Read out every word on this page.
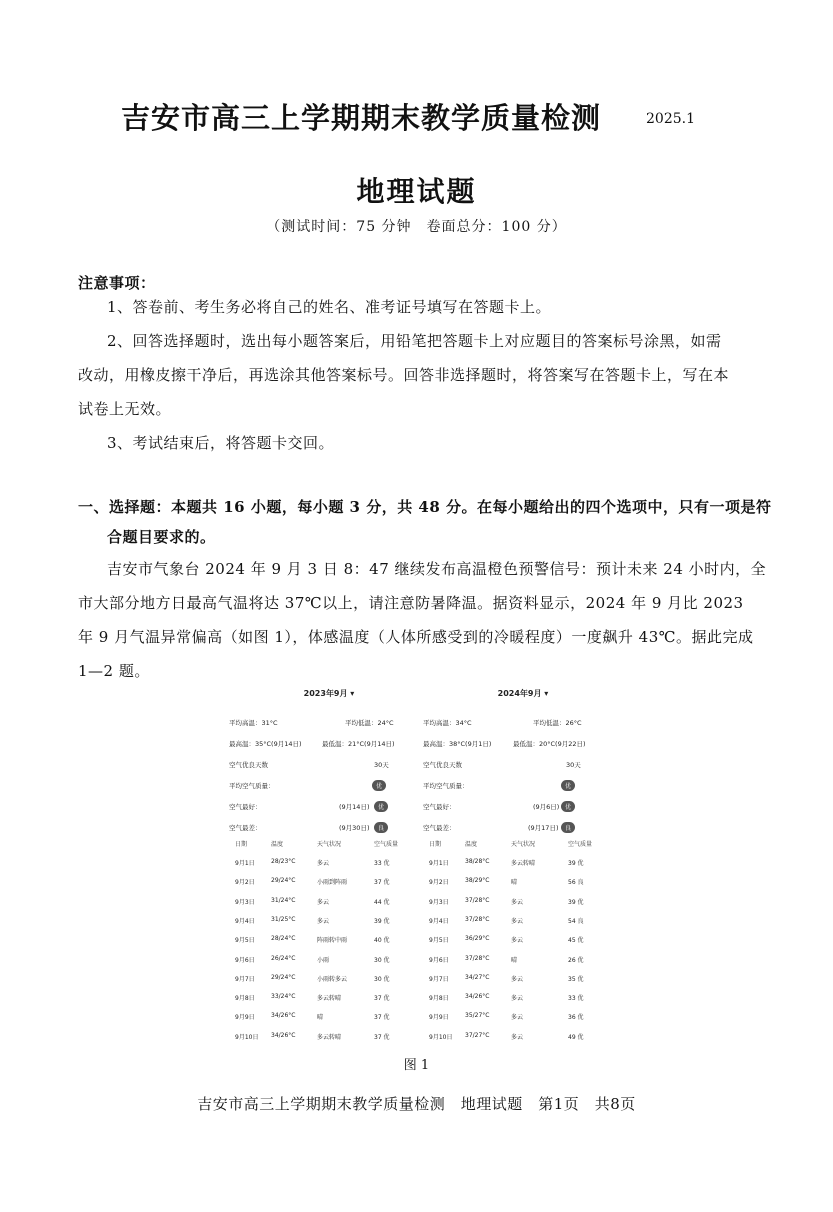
吉安市高三上学期期末教学质量检测	2025.1
地理试题
（测试时间：75 分钟　卷面总分：100 分）
注意事项：
1、答卷前、考生务必将自己的姓名、准考证号填写在答题卡上。
2、回答选择题时，选出每小题答案后，用铅笔把答题卡上对应题目的答案标号涂黑，如需
改动，用橡皮擦干净后，再选涂其他答案标号。回答非选择题时，将答案写在答题卡上，写在本
试卷上无效。
3、考试结束后，将答题卡交回。
一、选择题：本题共 16 小题，每小题 3 分，共 48 分。在每小题给出的四个选项中，只有一项是符
合题目要求的。
吉安市气象台 2024 年 9 月 3 日 8：47 继续发布高温橙色预警信号：预计未来 24 小时内，全
市大部分地方日最高气温将达 37℃以上，请注意防暑降温。据资料显示，2024 年 9 月比 2023
年 9 月气温异常偏高（如图 1），体感温度（人体所感受到的冷暖程度）一度飙升 43℃。据此完成
1—2 题。
2023年9月 ▾
平均高温：31°C	平均低温：24°C
最高温：35°C(9月14日)	最低温：21°C(9月14日)
空气优良天数	30天
平均空气质量：	优
空气最好：	(9月14日)	优
空气最差：	(9月30日)	良
日期	温度	天气状况	空气质量
9月1日	28/23°C	多云	33 优
9月2日	29/24°C	小雨到阵雨	37 优
9月3日	31/24°C	多云	44 优
9月4日	31/25°C	多云	39 优
9月5日	28/24°C	阵雨转中雨	40 优
9月6日	26/24°C	小雨	30 优
9月7日	29/24°C	小雨转多云	30 优
9月8日	33/24°C	多云转晴	37 优
9月9日	34/26°C	晴	37 优
9月10日 34/26°C	多云转晴	37 优
2024年9月 ▾
平均高温：34°C	平均低温：26°C
最高温：38°C(9月1日)	最低温：20°C(9月22日)
空气优良天数	30天
平均空气质量：	优
空气最好：	(9月6日) 优
空气最差：	(9月17日)	良
日期	温度	天气状况	空气质量
9月1日	38/28°C	多云转晴	39 优
9月2日	38/29°C	晴	56 良
9月3日	37/28°C	多云	39 优
9月4日	37/28°C	多云	54 良
9月5日	36/29°C	多云	45 优
9月6日	37/28°C	晴	26 优
9月7日	34/27°C	多云	35 优
9月8日	34/26°C	多云	33 优
9月9日	35/27°C	多云	36 优
9月10日 37/27°C	多云	49 优
图 1
吉安市高三上学期期末教学质量检测　地理试题　第1页　共8页
